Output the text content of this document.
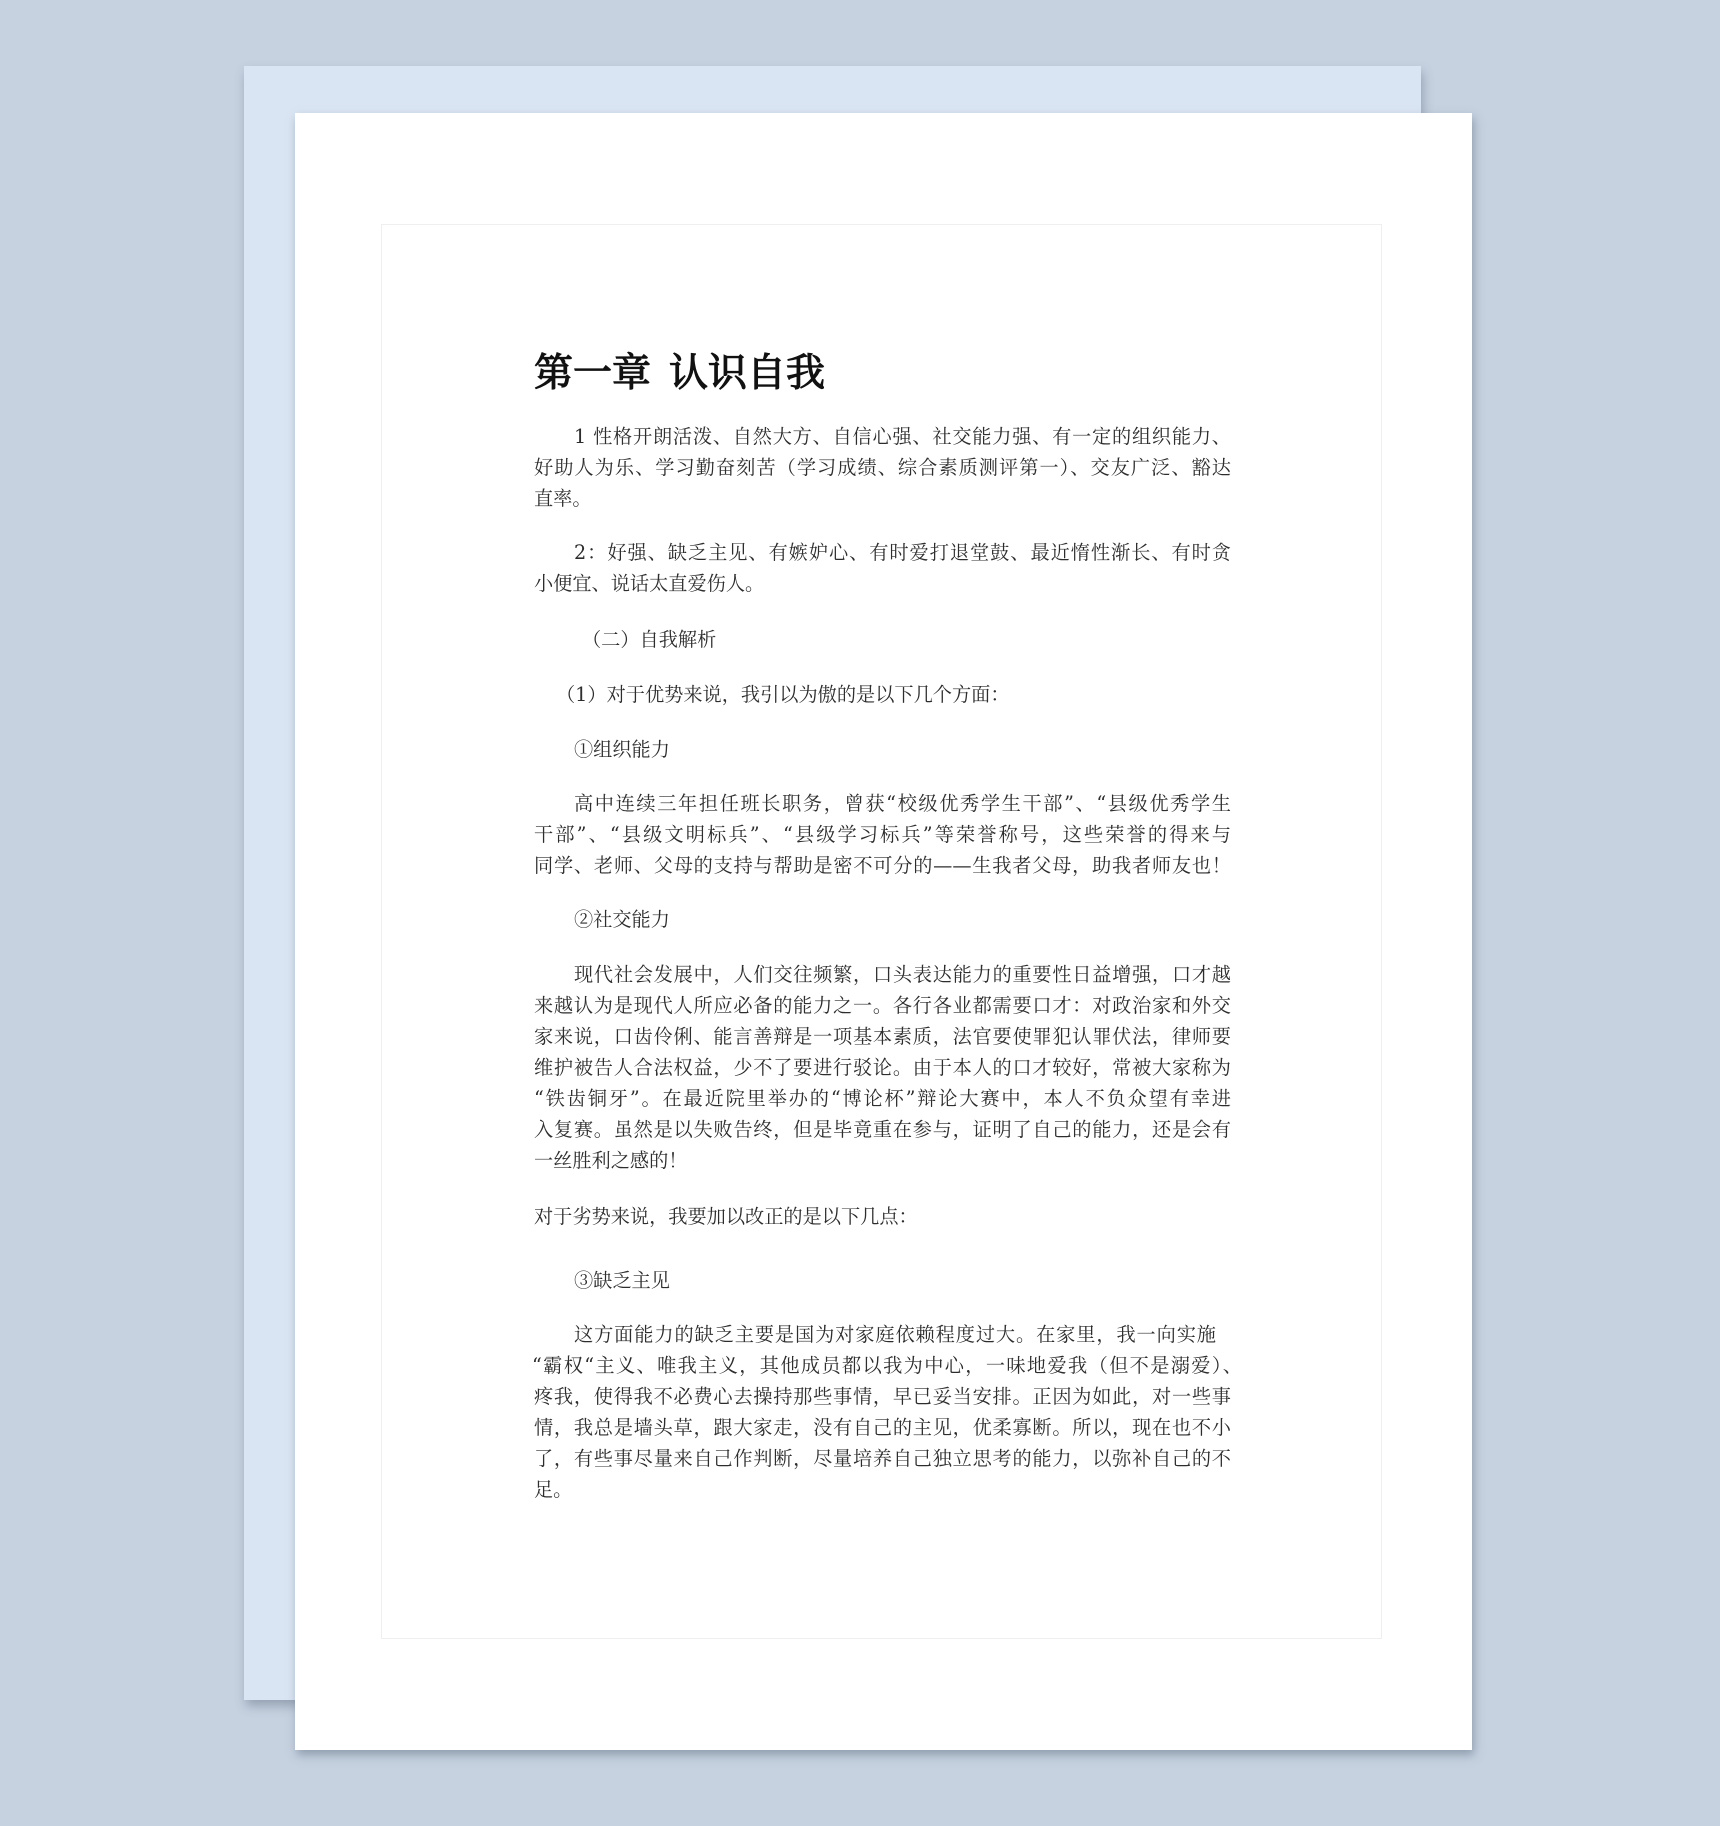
第一章 认识自我
1 性格开朗活泼、自然大方、自信心强、社交能力强、有一定的组织能力、
好助人为乐、学习勤奋刻苦（学习成绩、综合素质测评第一）、交友广泛、豁达
直率。
2：好强、缺乏主见、有嫉妒心、有时爱打退堂鼓、最近惰性渐长、有时贪
小便宜、说话太直爱伤人。
（二）自我解析
（1）对于优势来说，我引以为傲的是以下几个方面：
①组织能力
高中连续三年担任班长职务，曾获“校级优秀学生干部”、“县级优秀学生
干部”、“县级文明标兵”、“县级学习标兵”等荣誉称号，这些荣誉的得来与
同学、老师、父母的支持与帮助是密不可分的——生我者父母，助我者师友也！
②社交能力
现代社会发展中，人们交往频繁，口头表达能力的重要性日益增强，口才越
来越认为是现代人所应必备的能力之一。各行各业都需要口才：对政治家和外交
家来说，口齿伶俐、能言善辩是一项基本素质，法官要使罪犯认罪伏法，律师要
维护被告人合法权益，少不了要进行驳论。由于本人的口才较好，常被大家称为
“铁齿铜牙”。在最近院里举办的“博论杯”辩论大赛中，本人不负众望有幸进
入复赛。虽然是以失败告终，但是毕竟重在参与，证明了自己的能力，还是会有
一丝胜利之感的！
对于劣势来说，我要加以改正的是以下几点：
③缺乏主见
这方面能力的缺乏主要是国为对家庭依赖程度过大。在家里，我一向实施
“霸权“主义、唯我主义，其他成员都以我为中心，一味地爱我（但不是溺爱）、
疼我，使得我不必费心去操持那些事情，早已妥当安排。正因为如此，对一些事
情，我总是墙头草，跟大家走，没有自己的主见，优柔寡断。所以，现在也不小
了，有些事尽量来自己作判断，尽量培养自己独立思考的能力，以弥补自己的不
足。
